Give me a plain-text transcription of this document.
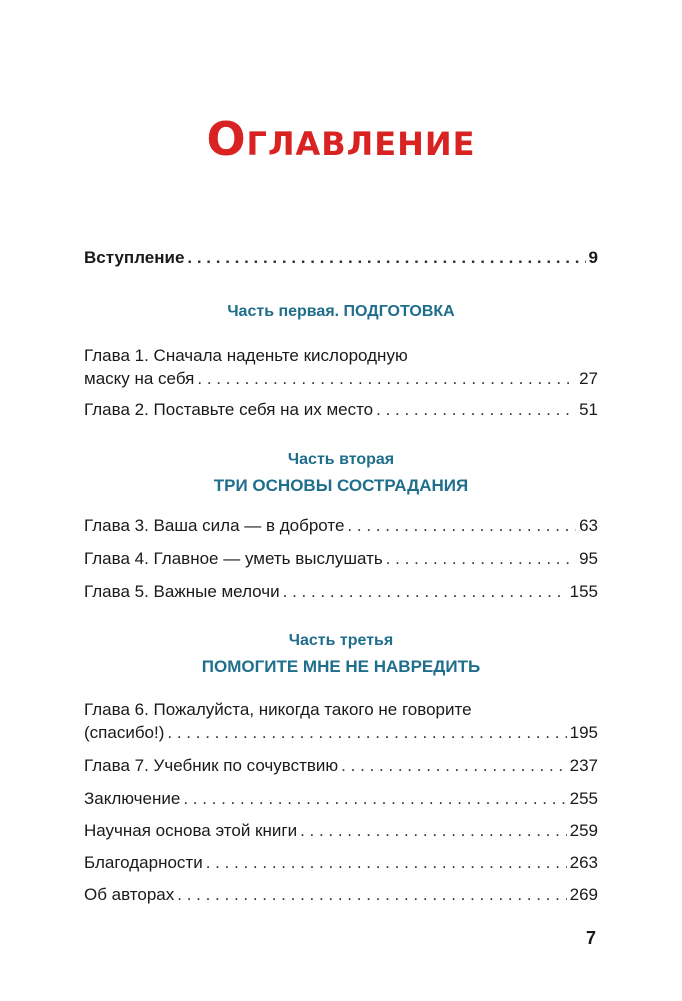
Оглавление
Вступление . . .	9
Часть первая. ПОДГОТОВКА
Глава 1. Сначала наденьте кислородную
маску на себя . . .	27
Глава 2. Поставьте себя на их место . . .	51
Часть вторая
ТРИ ОСНОВЫ СОСТРАДАНИЯ
Глава 3. Ваша сила — в доброте . . .	63
Глава 4. Главное — уметь выслушать . . .	95
Глава 5. Важные мелочи . . .	155
Часть третья
ПОМОГИТЕ МНЕ НЕ НАВРЕДИТЬ
Глава 6. Пожалуйста, никогда такого не говорите
(спасибо!) . . .	195
Глава 7. Учебник по сочувствию . . .	237
Заключение . . .	255
Научная основа этой книги . . .	259
Благодарности . . .	263
Об авторах . . .	269
7
